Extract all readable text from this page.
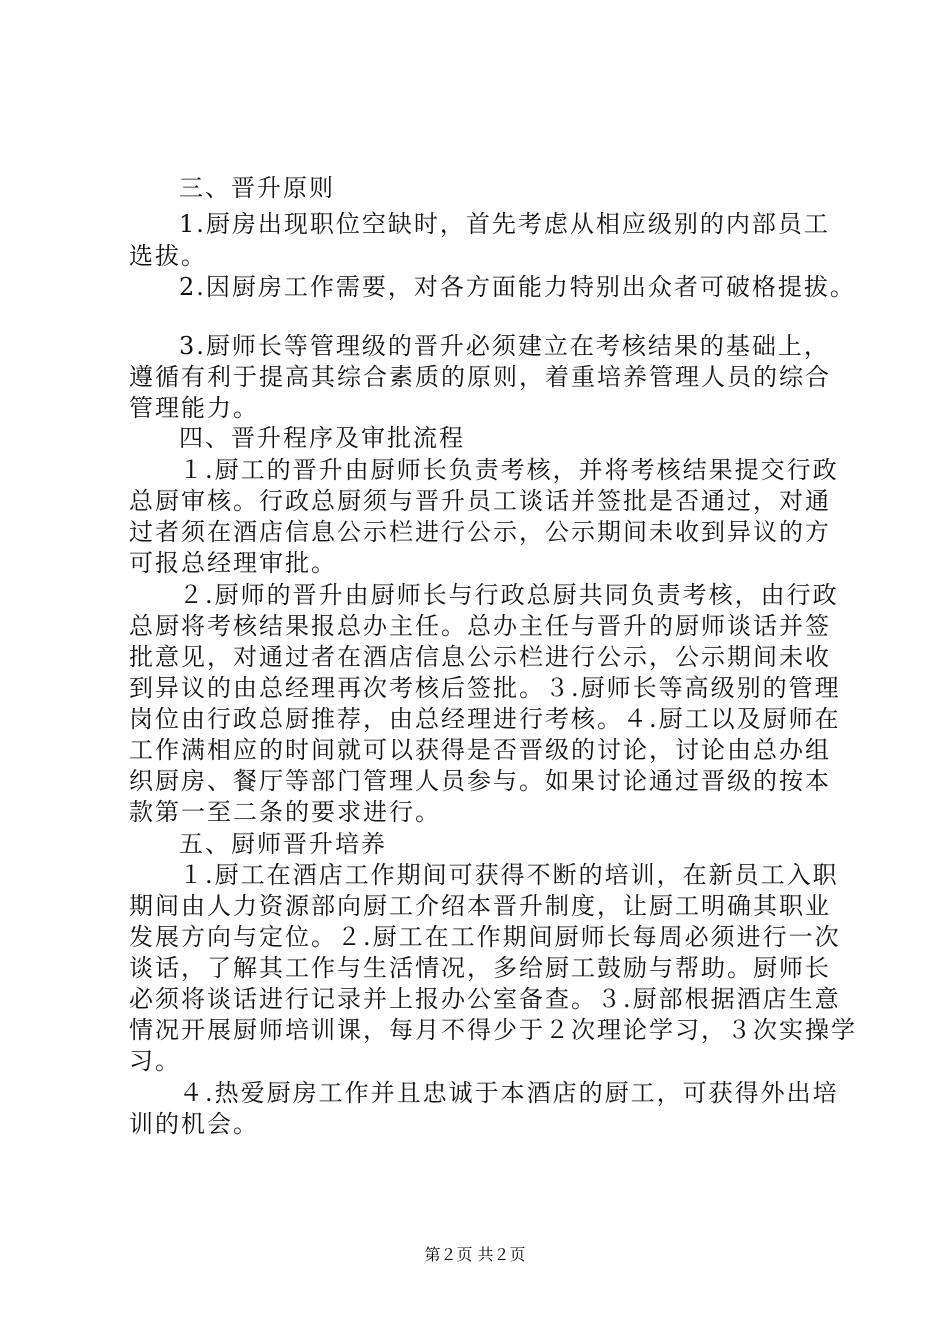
三、晋升原则
1.厨房出现职位空缺时，首先考虑从相应级别的内部员工
选拔。
2.因厨房工作需要，对各方面能力特别出众者可破格提拔。
3.厨师长等管理级的晋升必须建立在考核结果的基础上，
遵循有利于提高其综合素质的原则，着重培养管理人员的综合
管理能力。
四、晋升程序及审批流程
１.厨工的晋升由厨师长负责考核，并将考核结果提交行政
总厨审核。行政总厨须与晋升员工谈话并签批是否通过，对通
过者须在酒店信息公示栏进行公示，公示期间未收到异议的方
可报总经理审批。
２.厨师的晋升由厨师长与行政总厨共同负责考核，由行政
总厨将考核结果报总办主任。总办主任与晋升的厨师谈话并签
批意见，对通过者在酒店信息公示栏进行公示，公示期间未收
到异议的由总经理再次考核后签批。３.厨师长等高级别的管理
岗位由行政总厨推荐，由总经理进行考核。４.厨工以及厨师在
工作满相应的时间就可以获得是否晋级的讨论，讨论由总办组
织厨房、餐厅等部门管理人员参与。如果讨论通过晋级的按本
款第一至二条的要求进行。
五、厨师晋升培养
１.厨工在酒店工作期间可获得不断的培训，在新员工入职
期间由人力资源部向厨工介绍本晋升制度，让厨工明确其职业
发展方向与定位。２.厨工在工作期间厨师长每周必须进行一次
谈话，了解其工作与生活情况，多给厨工鼓励与帮助。厨师长
必须将谈话进行记录并上报办公室备查。３.厨部根据酒店生意
情况开展厨师培训课，每月不得少于２次理论学习，３次实操学
习。
４.热爱厨房工作并且忠诚于本酒店的厨工，可获得外出培
训的机会。
第２页 共２页
